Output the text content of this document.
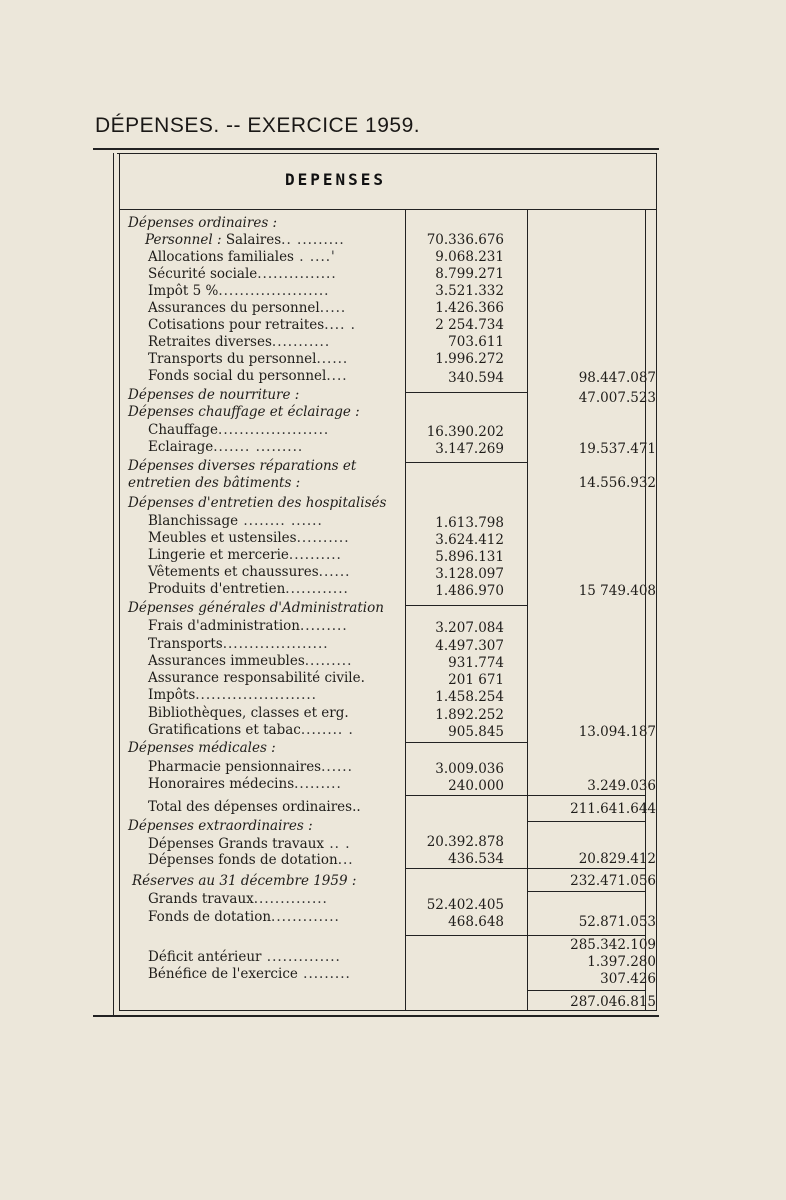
DÉPENSES. -- EXERCICE 1959.
DEPENSES
Dépenses ordinaires :
Personnel : Salaires.. .........	70.336.676
Allocations familiales . ....'	9.068.231
Sécurité sociale...............	8.799.271
Impôt 5 %.....................	3.521.332
Assurances du personnel.....	1.426.366
Cotisations pour retraites.... .	2 254.734
Retraites diverses...........	703.611
Transports du personnel......	1.996.272
Fonds social du personnel....	340.594	98.447.087
Dépenses de nourriture :	47.007.523
Dépenses chauffage et éclairage :
Chauffage.....................	16.390.202
Eclairage....... .........	3.147.269	19.537.471
Dépenses diverses réparations et
entretien des bâtiments :	14.556.932
Dépenses d'entretien des hospitalisés
Blanchissage ........ ......	1.613.798
Meubles et ustensiles..........	3.624.412
Lingerie et mercerie..........	5.896.131
Vêtements et chaussures......	3.128.097
Produits d'entretien............	1.486.970	15 749.408
Dépenses générales d'Administration
Frais d'administration.........	3.207.084
Transports....................	4.497.307
Assurances immeubles.........	931.774
Assurance responsabilité civile.	201 671
Impôts.......................	1.458.254
Bibliothèques, classes et erg.	1.892.252
Gratifications et tabac........ .	905.845	13.094.187
Dépenses médicales :
Pharmacie pensionnaires......	3.009.036
Honoraires médecins.........	240.000	3.249.036
Total des dépenses ordinaires..	211.641.644
Dépenses extraordinaires :
Dépenses Grands travaux .. .	20.392.878
Dépenses fonds de dotation...	436.534	20.829.412
Réserves au 31 décembre 1959 :	232.471.056
Grands travaux..............	52.402.405
Fonds de dotation.............	468.648	52.871.053
285.342.109
Déficit antérieur ..............	1.397.280
Bénéfice de l'exercice .........	307.426
287.046.815
